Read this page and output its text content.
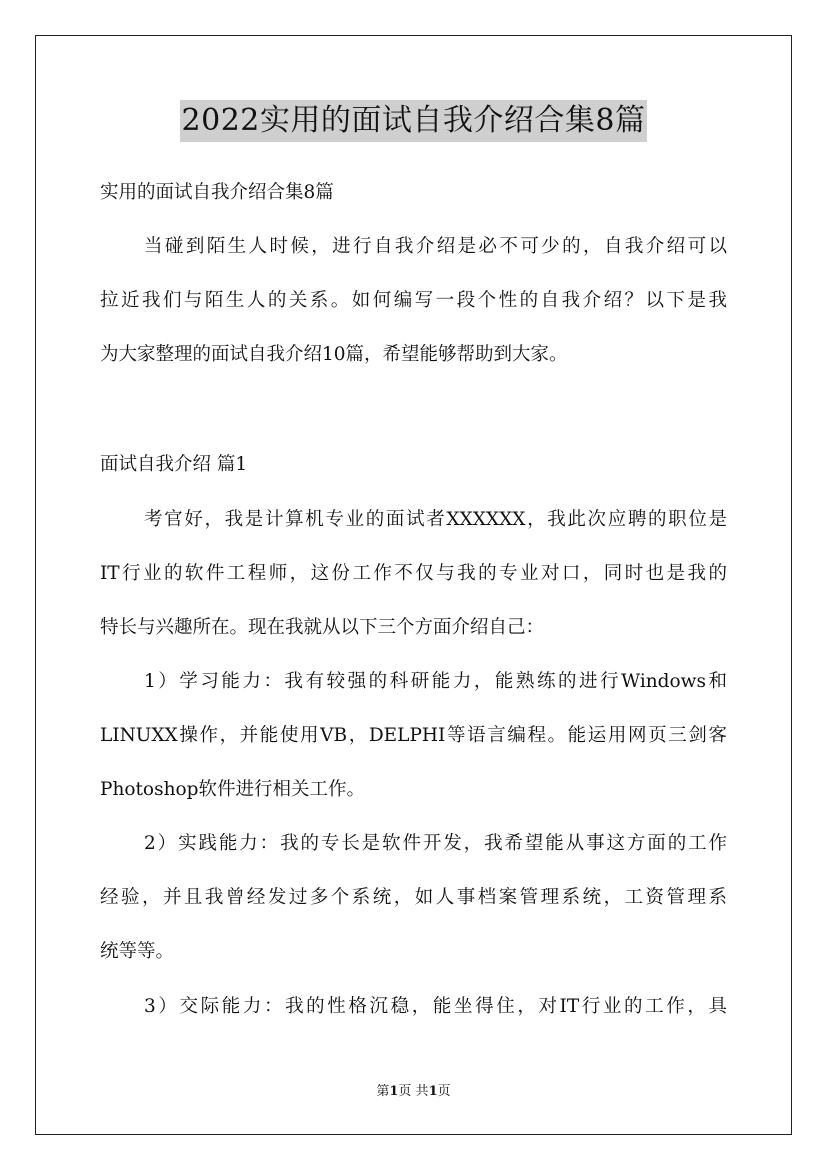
2022实用的面试自我介绍合集8篇
实用的面试自我介绍合集8篇
当碰到陌生人时候，进行自我介绍是必不可少的，自我介绍可以
拉近我们与陌生人的关系。如何编写一段个性的自我介绍？以下是我
为大家整理的面试自我介绍10篇，希望能够帮助到大家。
面试自我介绍 篇1
考官好，我是计算机专业的面试者XXXXXX，我此次应聘的职位是
IT行业的软件工程师，这份工作不仅与我的专业对口，同时也是我的
特长与兴趣所在。现在我就从以下三个方面介绍自己：
1）学习能力：我有较强的科研能力，能熟练的进行Windows和
LINUXX操作，并能使用VB，DELPHI等语言编程。能运用网页三剑客
Photoshop软件进行相关工作。
2）实践能力：我的专长是软件开发，我希望能从事这方面的工作
经验，并且我曾经发过多个系统，如人事档案管理系统，工资管理系
统等等。
3）交际能力：我的性格沉稳，能坐得住，对IT行业的工作，具
第1页 共1页
